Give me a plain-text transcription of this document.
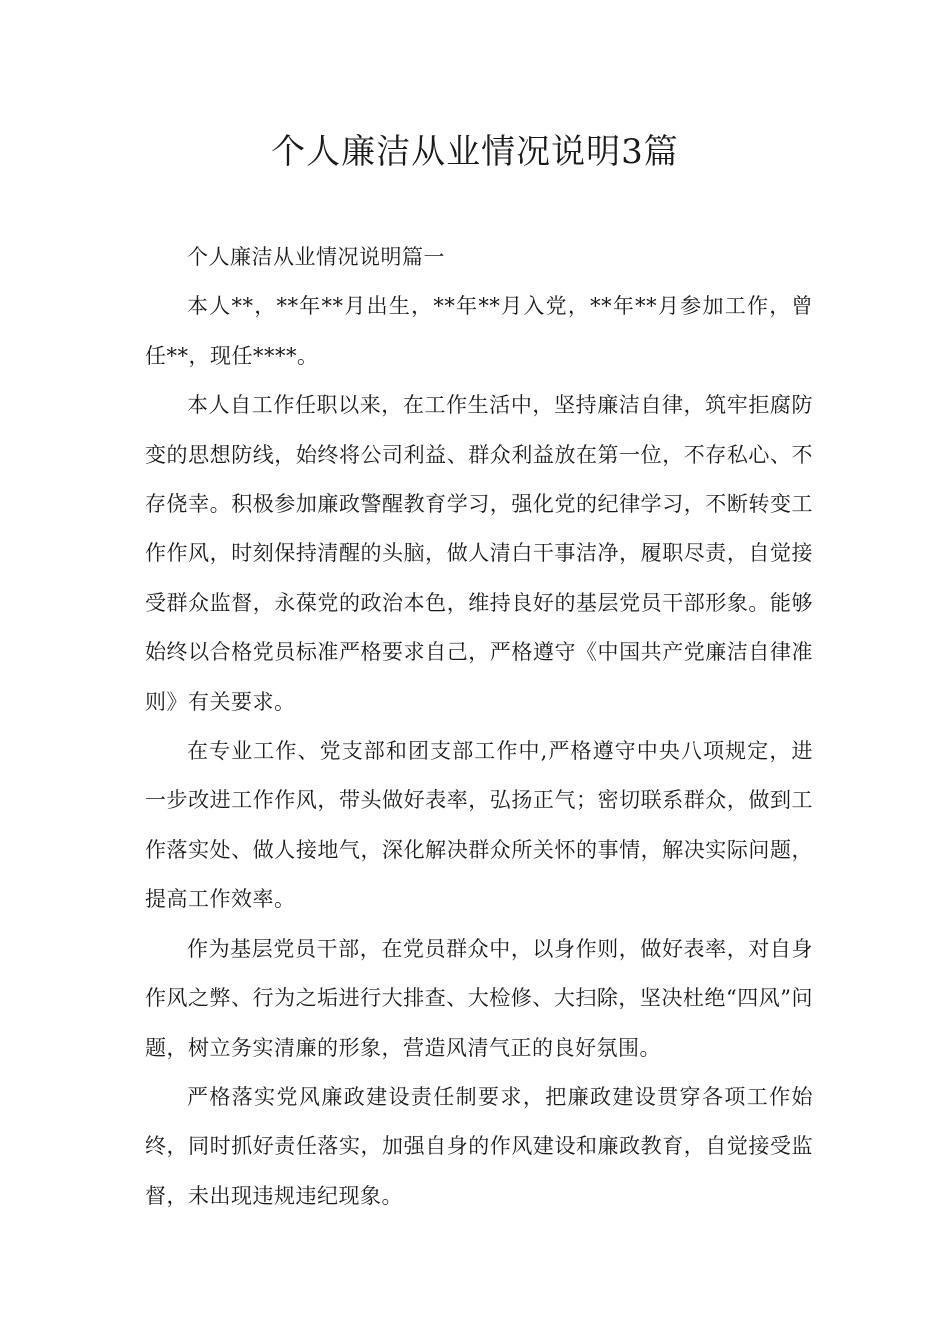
个人廉洁从业情况说明3篇

个人廉洁从业情况说明篇一

本人**，**年**月出生，**年**月入党，**年**月参加工作，曾任**，现任****。

本人自工作任职以来，在工作生活中，坚持廉洁自律，筑牢拒腐防变的思想防线，始终将公司利益、群众利益放在第一位，不存私心、不存侥幸。积极参加廉政警醒教育学习，强化党的纪律学习，不断转变工作作风，时刻保持清醒的头脑，做人清白干事洁净，履职尽责，自觉接受群众监督，永葆党的政治本色，维持良好的基层党员干部形象。能够始终以合格党员标准严格要求自己，严格遵守《中国共产党廉洁自律准则》有关要求。

在专业工作、党支部和团支部工作中,严格遵守中央八项规定，进一步改进工作作风，带头做好表率，弘扬正气；密切联系群众，做到工作落实处、做人接地气，深化解决群众所关怀的事情，解决实际问题，提高工作效率。

作为基层党员干部，在党员群众中，以身作则，做好表率，对自身作风之弊、行为之垢进行大排查、大检修、大扫除，坚决杜绝“四风”问题，树立务实清廉的形象，营造风清气正的良好氛围。

严格落实党风廉政建设责任制要求，把廉政建设贯穿各项工作始终，同时抓好责任落实，加强自身的作风建设和廉政教育，自觉接受监督，未出现违规违纪现象。
